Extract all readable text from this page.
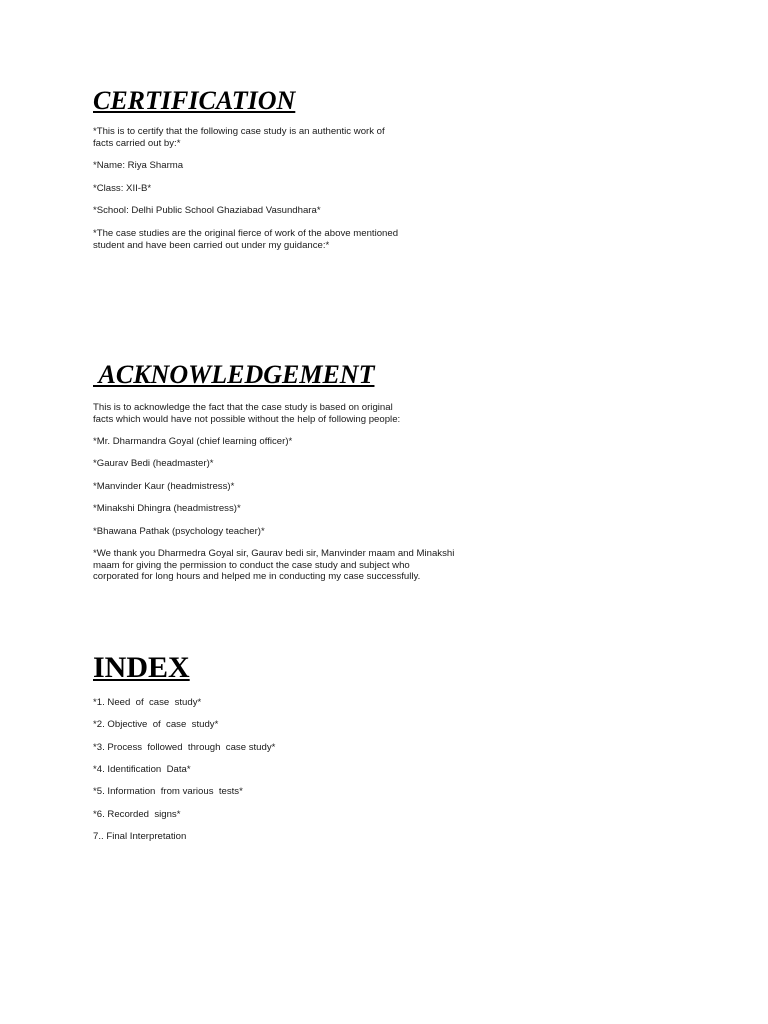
CERTIFICATION

*This is to certify that the following case study is an authentic work of
facts carried out by:*

*Name: Riya Sharma

*Class: XII-B*

*School: Delhi Public School Ghaziabad Vasundhara*

*The case studies are the original fierce of work of the above mentioned
student and have been carried out under my guidance:*

ACKNOWLEDGEMENT

This is to acknowledge the fact that the case study is based on original
facts which would have not possible without the help of following people:

*Mr. Dharmandra Goyal (chief learning officer)*

*Gaurav Bedi (headmaster)*

*Manvinder Kaur (headmistress)*

*Minakshi Dhingra (headmistress)*

*Bhawana Pathak (psychology teacher)*

*We thank you Dharmedra Goyal sir, Gaurav bedi sir, Manvinder maam and Minakshi
maam for giving the permission to conduct the case study and subject who
corporated for long hours and helped me in conducting my case successfully.

INDEX

*1. Need  of  case  study*

*2. Objective  of  case  study*

*3. Process  followed  through  case study*

*4. Identification  Data*

*5. Information  from various  tests*

*6. Recorded  signs*

7.. Final Interpretation
